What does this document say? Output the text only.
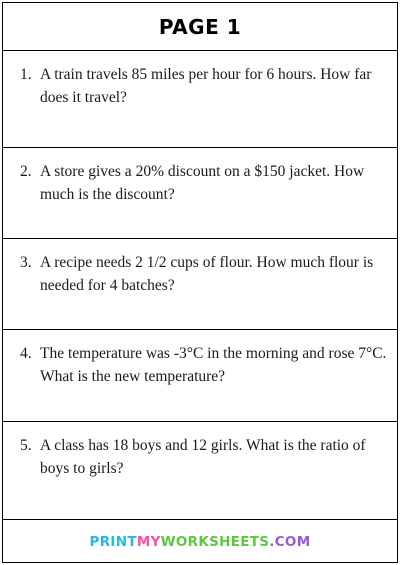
PAGE 1
1. A train travels 85 miles per hour for 6 hours. How far does it travel?
2. A store gives a 20% discount on a $150 jacket. How much is the discount?
3. A recipe needs 2 1/2 cups of flour. How much flour is needed for 4 batches?
4. The temperature was -3°C in the morning and rose 7°C. What is the new temperature?
5. A class has 18 boys and 12 girls. What is the ratio of boys to girls?
PRINTMYWORKSHEETS.COM
